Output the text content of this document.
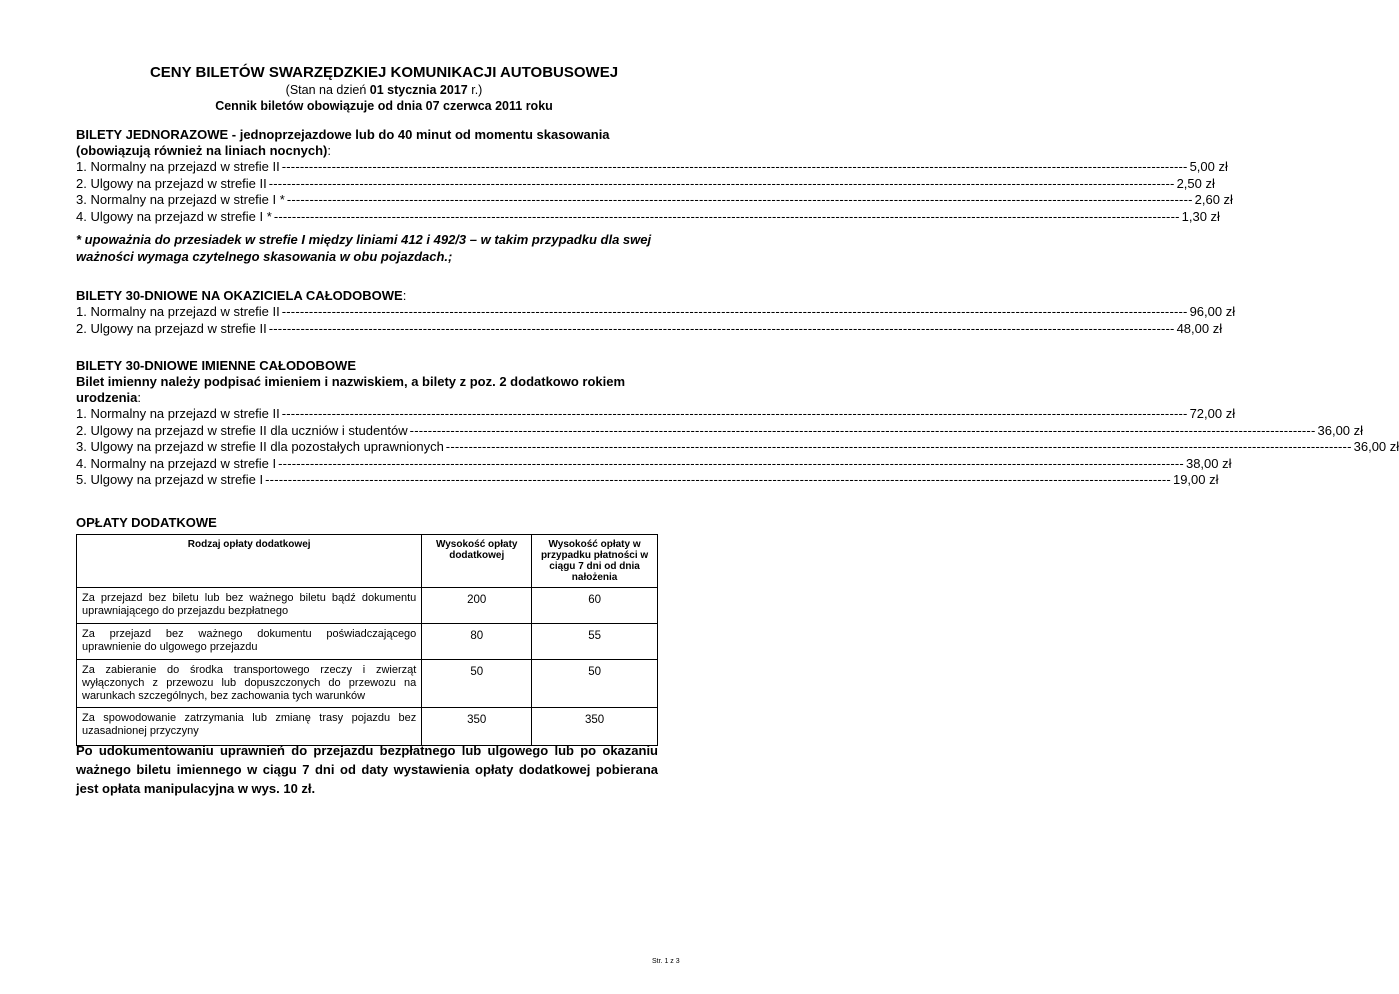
CENY BILETÓW SWARZĘDZKIEJ KOMUNIKACJI AUTOBUSOWEJ
(Stan na dzień 01 stycznia 2017 r.)
Cennik biletów obowiązuje od dnia 07 czerwca 2011 roku
BILETY JEDNORAZOWE - jednoprzejazdowe lub do 40 minut od momentu skasowania
(obowiązują również na liniach nocnych):
1. Normalny na przejazd w strefie II -------------------------------------------------------------------------------------------------------------------------------------------------------------------------------------------------------- 5,00 zł
2. Ulgowy na przejazd w strefie II -------------------------------------------------------------------------------------------------------------------------------------------------------------------------------------------------------- 2,50 zł
3. Normalny na przejazd w strefie I * -------------------------------------------------------------------------------------------------------------------------------------------------------------------------------------------------------- 2,60 zł
4. Ulgowy na przejazd w strefie I * -------------------------------------------------------------------------------------------------------------------------------------------------------------------------------------------------------- 1,30 zł
* upoważnia do przesiadek w strefie I między liniami 412 i 492/3 – w takim przypadku dla swej
ważności wymaga czytelnego skasowania w obu pojazdach.;
BILETY 30-DNIOWE NA OKAZICIELA CAŁODOBOWE:
1. Normalny na przejazd w strefie II -------------------------------------------------------------------------------------------------------------------------------------------------------------------------------------------------------- 96,00 zł
2. Ulgowy na przejazd w strefie II -------------------------------------------------------------------------------------------------------------------------------------------------------------------------------------------------------- 48,00 zł
BILETY 30-DNIOWE IMIENNE CAŁODOBOWE
Bilet imienny należy podpisać imieniem i nazwiskiem, a bilety z poz. 2 dodatkowo rokiem urodzenia:
1. Normalny na przejazd w strefie II -------------------------------------------------------------------------------------------------------------------------------------------------------------------------------------------------------- 72,00 zł
2. Ulgowy na przejazd w strefie II dla uczniów i studentów -------------------------------------------------------------------------------------------------------------------------------------------------------------------------------------------------------- 36,00 zł
3. Ulgowy na przejazd w strefie II dla pozostałych uprawnionych -------------------------------------------------------------------------------------------------------------------------------------------------------------------------------------------------------- 36,00 zł
4. Normalny na przejazd w strefie I -------------------------------------------------------------------------------------------------------------------------------------------------------------------------------------------------------- 38,00 zł
5. Ulgowy na przejazd w strefie I -------------------------------------------------------------------------------------------------------------------------------------------------------------------------------------------------------- 19,00 zł
OPŁATY DODATKOWE
Rodzaj opłaty dodatkowej	Wysokość opłaty dodatkowej	Wysokość opłaty w przypadku płatności w ciągu 7 dni od dnia nałożenia
Za przejazd bez biletu lub bez ważnego biletu bądź dokumentu uprawniającego do przejazdu bezpłatnego	200	60
Za przejazd bez ważnego dokumentu poświadczającego uprawnienie do ulgowego przejazdu	80	55
Za zabieranie do środka transportowego rzeczy i zwierząt wyłączonych z przewozu lub dopuszczonych do przewozu na warunkach szczególnych, bez zachowania tych warunków	50	50
Za spowodowanie zatrzymania lub zmianę trasy pojazdu bez uzasadnionej przyczyny	350	350
Po udokumentowaniu uprawnień do przejazdu bezpłatnego lub ulgowego lub po okazaniu ważnego biletu imiennego w ciągu 7 dni od daty wystawienia opłaty dodatkowej pobierana jest opłata manipulacyjna w wys. 10 zł.
Str. 1 z 3
